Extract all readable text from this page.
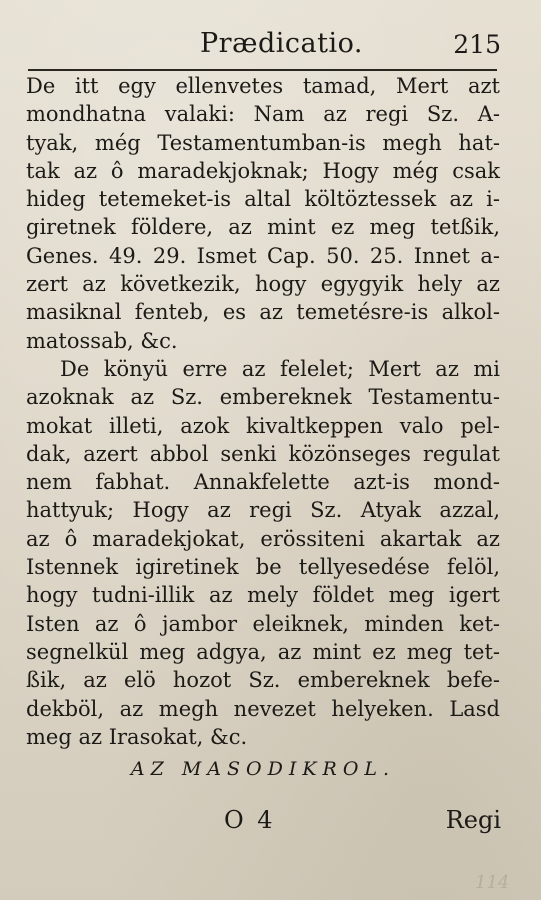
Prædicatio.	215
De itt egy ellenvetes tamad, Mert azt
mondhatna valaki: Nam az regi Sz. A-
tyak, még Testamentumban-is megh hat-
tak az ô maradekjoknak; Hogy még csak
hideg tetemeket-is altal költöztessek az i-
giretnek földere, az mint ez meg tetßik,
Genes. 49. 29. Ismet Cap. 50. 25. Innet a-
zert az következik, hogy egygyik hely az
masiknal fenteb, es az temetésre-is alkol-
matossab, &c.
De könyü erre az felelet; Mert az mi
azoknak az Sz. embereknek Testamentu-
mokat illeti, azok kivaltkeppen valo pel-
dak, azert abbol senki közönseges regulat
nem fabhat. Annakfelette azt-is mond-
hattyuk; Hogy az regi Sz. Atyak azzal,
az ô maradekjokat, erössiteni akartak az
Istennek igiretinek be tellyesedése felöl,
hogy tudni-illik az mely földet meg igert
Isten az ô jambor eleiknek, minden ket-
segnelkül meg adgya, az mint ez meg tet-
ßik, az elö hozot Sz. embereknek befe-
dekböl, az megh nevezet helyeken. Lasd
meg az Irasokat, &c.
AZ MASODIKROL.
O 4	Regi
114
